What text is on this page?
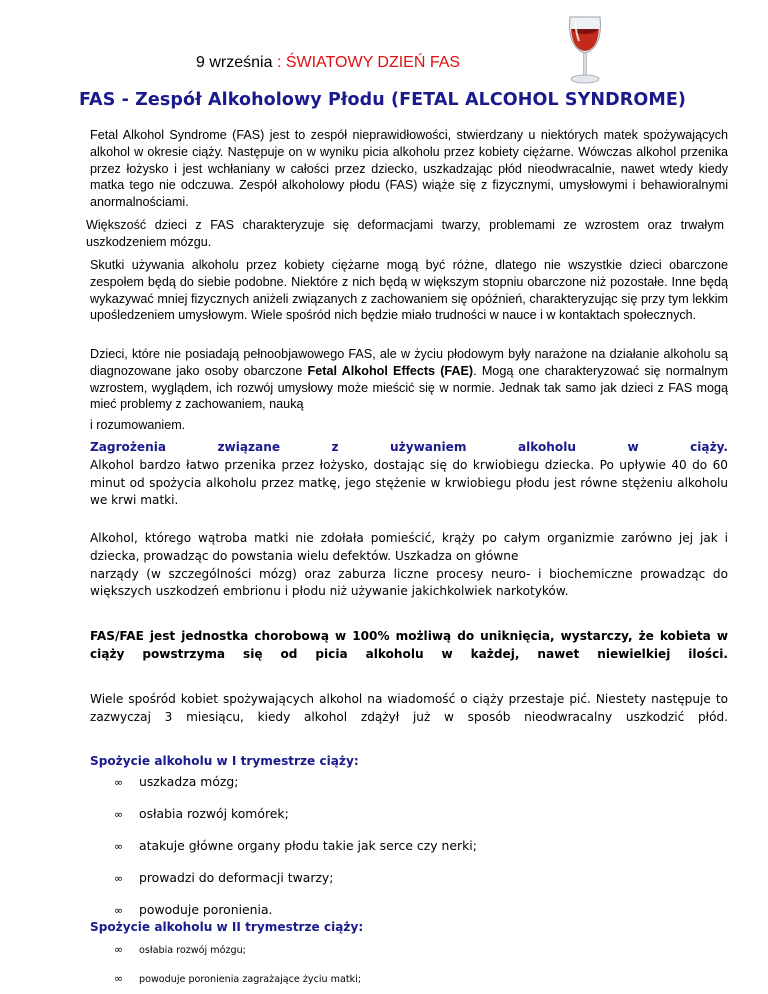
9 września : ŚWIATOWY DZIEŃ FAS
FAS - Zespół Alkoholowy Płodu (FETAL ALCOHOL SYNDROME)
Fetal Alkohol Syndrome (FAS) jest to zespół nieprawidłowości, stwierdzany u niektórych matek spożywających alkohol w okresie ciąży. Następuje on w wyniku picia alkoholu przez kobiety ciężarne. Wówczas alkohol przenika przez łożysko i jest wchłaniany w całości przez dziecko, uszkadzając płód nieodwracalnie, nawet wtedy kiedy matka tego nie odczuwa. Zespół alkoholowy płodu (FAS) wiąże się z fizycznymi, umysłowymi i behawioralnymi anormalnościami.
Większość dzieci z FAS charakteryzuje się deformacjami twarzy, problemami ze wzrostem oraz trwałym uszkodzeniem mózgu.
Skutki używania alkoholu przez kobiety ciężarne mogą być różne, dlatego nie wszystkie dzieci obarczone zespołem będą do siebie podobne. Niektóre z nich będą w większym stopniu obarczone niż pozostałe. Inne będą wykazywać mniej fizycznych aniżeli związanych z zachowaniem się opóźnień, charakteryzując się przy tym lekkim upośledzeniem umysłowym. Wiele spośród nich będzie miało trudności w nauce i w kontaktach społecznych.
Dzieci, które nie posiadają pełnoobjawowego FAS, ale w życiu płodowym były narażone na działanie alkoholu są diagnozowane jako osoby obarczone Fetal Alkohol Effects (FAE). Mogą one charakteryzować się normalnym wzrostem, wyglądem, ich rozwój umysłowy może mieścić się w normie. Jednak tak samo jak dzieci z FAS mogą mieć problemy z zachowaniem, nauką
i rozumowaniem.
Zagrożenia związane z używaniem alkoholu w ciąży.
Alkohol bardzo łatwo przenika przez łożysko, dostając się do krwiobiegu dziecka. Po upływie 40 do 60 minut od spożycia alkoholu przez matkę, jego stężenie w krwiobiegu płodu jest równe stężeniu alkoholu we krwi matki.
Alkohol, którego wątroba matki nie zdołała pomieścić, krąży po całym organizmie zarówno jej jak i dziecka, prowadząc do powstania wielu defektów. Uszkadza on główne
narządy (w szczególności mózg) oraz zaburza liczne procesy neuro- i biochemiczne prowadząc do większych uszkodzeń embrionu i płodu niż używanie jakichkolwiek narkotyków.
FAS/FAE jest jednostka chorobową w 100% możliwą do uniknięcia, wystarczy, że kobieta w ciąży powstrzyma się od picia alkoholu w każdej, nawet niewielkiej ilości.
Wiele spośród kobiet spożywających alkohol na wiadomość o ciąży przestaje pić. Niestety następuje to zazwyczaj 3 miesiącu, kiedy alkohol zdążył już w sposób nieodwracalny uszkodzić płód.
Spożycie alkoholu w I trymestrze ciąży:
∞ uszkadza mózg;
∞ osłabia rozwój komórek;
∞ atakuje główne organy płodu takie jak serce czy nerki;
∞ prowadzi do deformacji twarzy;
∞ powoduje poronienia.
Spożycie alkoholu w II trymestrze ciąży:
∞ osłabia rozwój mózgu;
∞ powoduje poronienia zagrażające życiu matki;
